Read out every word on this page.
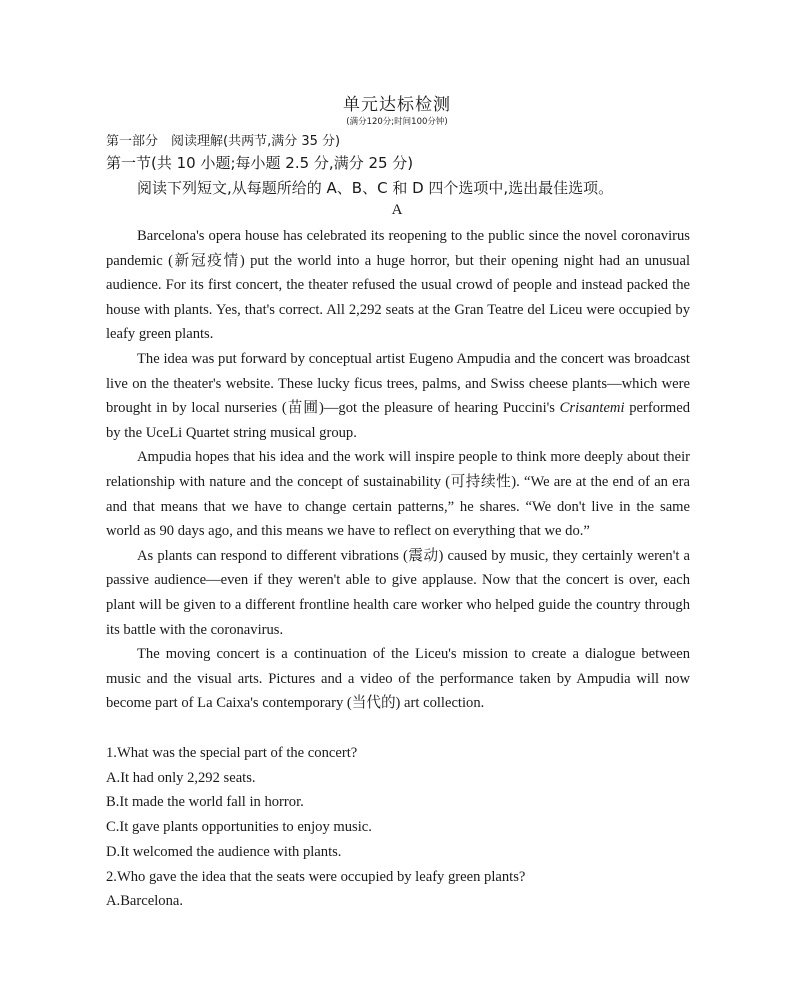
单元达标检测
(满分120分;时间100分钟)
第一部分　阅读理解(共两节,满分 35 分)
第一节(共 10 小题;每小题 2.5 分,满分 25 分)
阅读下列短文,从每题所给的 A、B、C 和 D 四个选项中,选出最佳选项。
A

Barcelona's opera house has celebrated its reopening to the public since the novel coronavirus pandemic (新冠疫情) put the world into a huge horror, but their opening night had an unusual audience. For its first concert, the theater refused the usual crowd of people and instead packed the house with plants. Yes, that's correct. All 2,292 seats at the Gran Teatre del Liceu were occupied by leafy green plants.

The idea was put forward by conceptual artist Eugeno Ampudia and the concert was broadcast live on the theater's website. These lucky ficus trees, palms, and Swiss cheese plants—which were brought in by local nurseries (苗圃)—got the pleasure of hearing Puccini's Crisantemi performed by the UceLi Quartet string musical group.

Ampudia hopes that his idea and the work will inspire people to think more deeply about their relationship with nature and the concept of sustainability (可持续性). “We are at the end of an era and that means that we have to change certain patterns,” he shares. “We don't live in the same world as 90 days ago, and this means we have to reflect on everything that we do.”

As plants can respond to different vibrations (震动) caused by music, they certainly weren't a passive audience—even if they weren't able to give applause. Now that the concert is over, each plant will be given to a different frontline health care worker who helped guide the country through its battle with the coronavirus.

The moving concert is a continuation of the Liceu's mission to create a dialogue between music and the visual arts. Pictures and a video of the performance taken by Ampudia will now become part of La Caixa's contemporary (当代的) art collection.

1.What was the special part of the concert?
A.It had only 2,292 seats.
B.It made the world fall in horror.
C.It gave plants opportunities to enjoy music.
D.It welcomed the audience with plants.
2.Who gave the idea that the seats were occupied by leafy green plants?
A.Barcelona.
